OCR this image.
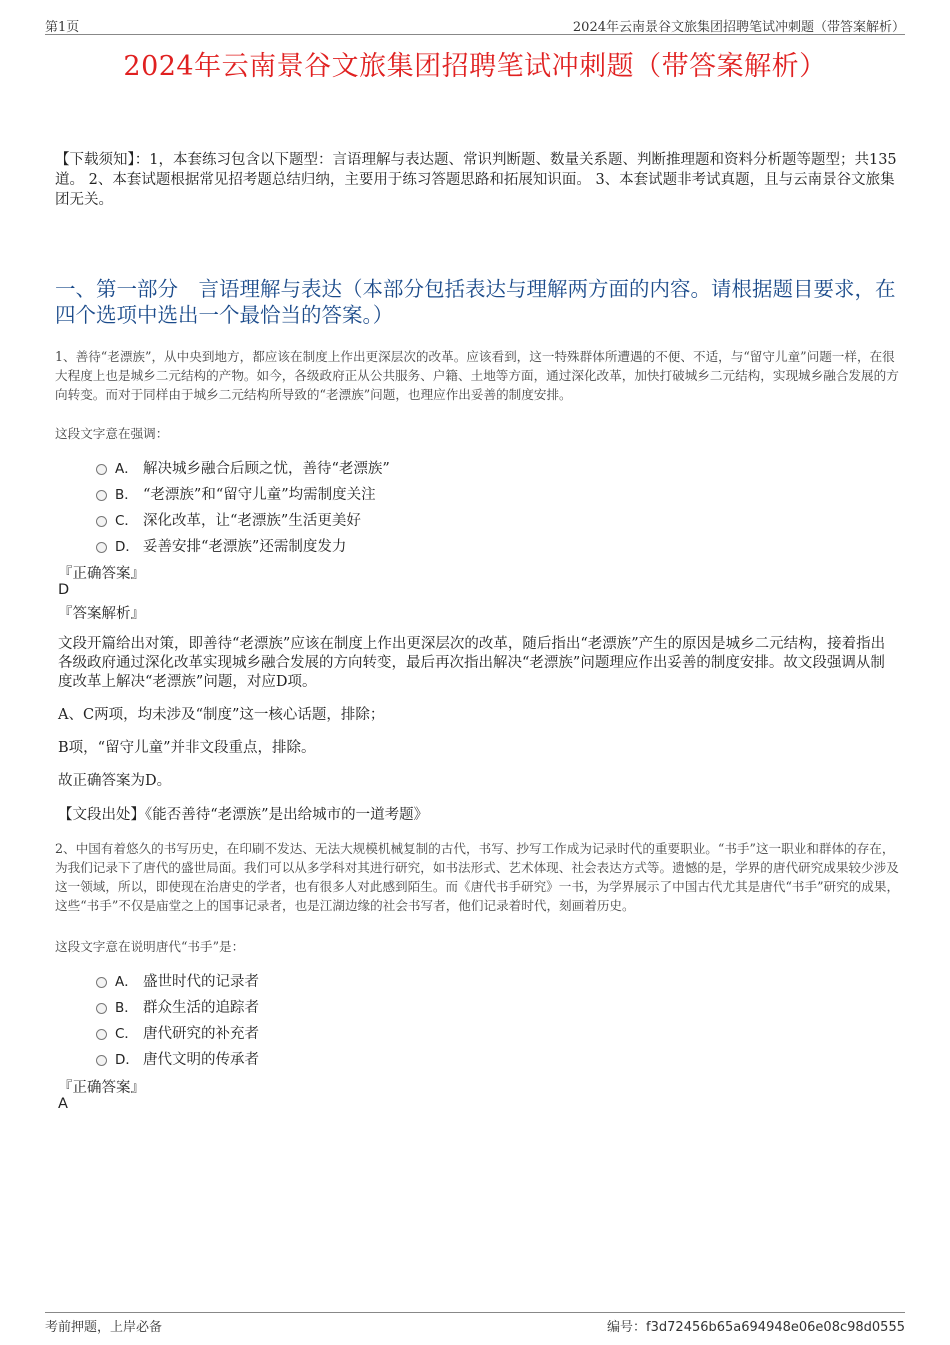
第1页	2024年云南景谷文旅集团招聘笔试冲刺题（带答案解析）
2024年云南景谷文旅集团招聘笔试冲刺题（带答案解析）
【下载须知】：1，本套练习包含以下题型：言语理解与表达题、常识判断题、数量关系题、判断推理题和资料分析题等题型；共135道。 2、本套试题根据常见招考题总结归纳，主要用于练习答题思路和拓展知识面。 3、本套试题非考试真题，且与云南景谷文旅集团无关。
一、第一部分　言语理解与表达（本部分包括表达与理解两方面的内容。请根据题目要求，在四个选项中选出一个最恰当的答案。）
1、善待“老漂族”，从中央到地方，都应该在制度上作出更深层次的改革。应该看到，这一特殊群体所遭遇的不便、不适，与“留守儿童”问题一样，在很大程度上也是城乡二元结构的产物。如今，各级政府正从公共服务、户籍、土地等方面，通过深化改革，加快打破城乡二元结构，实现城乡融合发展的方向转变。而对于同样由于城乡二元结构所导致的“老漂族”问题，也理应作出妥善的制度安排。
这段文字意在强调：
A． 解决城乡融合后顾之忧，善待“老漂族”
B． “老漂族”和“留守儿童”均需制度关注
C． 深化改革，让“老漂族”生活更美好
D． 妥善安排“老漂族”还需制度发力
『正确答案』
D
『答案解析』
文段开篇给出对策，即善待“老漂族”应该在制度上作出更深层次的改革，随后指出“老漂族”产生的原因是城乡二元结构，接着指出各级政府通过深化改革实现城乡融合发展的方向转变，最后再次指出解决“老漂族”问题理应作出妥善的制度安排。故文段强调从制度改革上解决“老漂族”问题，对应D项。
A、C两项，均未涉及“制度”这一核心话题，排除；
B项，“留守儿童”并非文段重点，排除。
故正确答案为D。
【文段出处】《能否善待“老漂族”是出给城市的一道考题》
2、中国有着悠久的书写历史，在印刷不发达、无法大规模机械复制的古代，书写、抄写工作成为记录时代的重要职业。“书手”这一职业和群体的存在，为我们记录下了唐代的盛世局面。我们可以从多学科对其进行研究，如书法形式、艺术体现、社会表达方式等。遗憾的是，学界的唐代研究成果较少涉及这一领域，所以，即使现在治唐史的学者，也有很多人对此感到陌生。而《唐代书手研究》一书，为学界展示了中国古代尤其是唐代“书手”研究的成果，这些“书手”不仅是庙堂之上的国事记录者，也是江湖边缘的社会书写者，他们记录着时代，刻画着历史。
这段文字意在说明唐代“书手”是：
A． 盛世时代的记录者
B． 群众生活的追踪者
C． 唐代研究的补充者
D． 唐代文明的传承者
『正确答案』
A
考前押题，上岸必备	编号：f3d72456b65a694948e06e08c98d0555
